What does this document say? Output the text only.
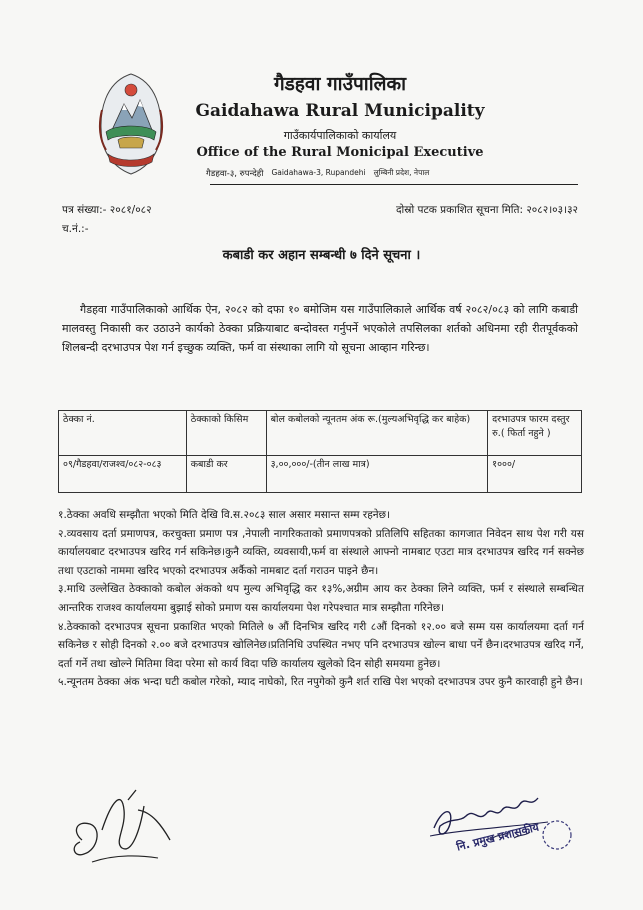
गैडहवा गाउँपालिका
Gaidahawa Rural Municipality
गाउँकार्यपालिकाको कार्यालय
Office of the Rural Monicipal Executive
गैडहवा-३, रुपन्देही Gaidahawa-3, Rupandehi लुम्बिनी प्रदेश, नेपाल
पत्र संख्या:- २०८१/०८२	दोस्रो पटक प्रकाशित सूचना मिति: २०८२।०३।३२
च.नं.:-
कबाडी कर अहान सम्बन्धी ७ दिने सूचना ।
गैडहवा गाउँपालिकाको आर्थिक ऐन, २०८२ को दफा १० बमोजिम यस गाउँपालिकाले आर्थिक वर्ष २०८२/०८३ को लागि कबाडी मालवस्तु निकासी कर उठाउने कार्यको ठेक्का प्रक्रियाबाट बन्दोवस्त गर्नुपर्ने भएकोले तपसिलका शर्तको अधिनमा रही रीतपूर्वकको शिलबन्दी दरभाउपत्र पेश गर्न इच्छुक व्यक्ति, फर्म वा संस्थाका लागि यो सूचना आव्हान गरिन्छ।
ठेक्का नं.	ठेक्काको किसिम	बोल कबोलको न्यूनतम अंक रू.(मुल्यअभिवृद्धि कर बाहेक)	दरभाउपत्र फारम दस्तुर रु.( फिर्ता नहुने )
०९/गैडहवा/राजश्व/०८२-०८३	कबाडी कर	३,००,०००/-(तीन लाख मात्र)	१०००/

१.ठेक्का अवधि सम्झौता भएको मिति देखि वि.स.२०८३ साल असार मसान्त सम्म रहनेछ।

२.व्यवसाय दर्ता प्रमाणपत्र, करचुक्ता प्रमाण पत्र ,नेपाली नागरिकताको प्रमाणपत्रको प्रतिलिपि सहितका कागजात निवेदन साथ पेश गरी यस कार्यालयबाट दरभाउपत्र खरिद गर्न सकिनेछ।कुनै व्यक्ति, व्यवसायी,फर्म वा संस्थाले आफ्नो नामबाट एउटा मात्र दरभाउपत्र खरिद गर्न सक्नेछ तथा एउटाको नाममा खरिद भएको दरभाउपत्र अर्कैको नामबाट दर्ता गराउन पाइने छैन।

३.माथि उल्लेखित ठेक्काको कबोल अंकको थप मुल्य अभिवृद्धि कर १३%,अग्रीम आय कर ठेक्का लिने व्यक्ति, फर्म र संस्थाले सम्बन्धित आन्तरिक राजश्व कार्यालयमा बुझाई सोको प्रमाण यस कार्यालयमा पेश गरेपश्चात मात्र सम्झौता गरिनेछ।

४.ठेक्काको दरभाउपत्र सूचना प्रकाशित भएको मितिले ७ औं दिनभित्र खरिद गरी ८औं दिनको १२.०० बजे सम्म यस कार्यालयमा दर्ता गर्न सकिनेछ र सोही दिनको २.०० बजे दरभाउपत्र खोलिनेछ।प्रतिनिधि उपस्थित नभए पनि दरभाउपत्र खोल्न बाधा पर्ने छैन।दरभाउपत्र खरिद गर्ने, दर्ता गर्ने तथा खोल्ने मितिमा विदा परेमा सो कार्य विदा पछि कार्यालय खुलेको दिन सोही समयमा हुनेछ।

५.न्यूनतम ठेक्का अंक भन्दा घटी कबोल गरेको, म्याद नाघेको, रित नपुगेको कुनै शर्त राखि पेश भएको दरभाउपत्र उपर कुनै कारवाही हुने छैन।

नि. प्रमुख प्रशासकीय
